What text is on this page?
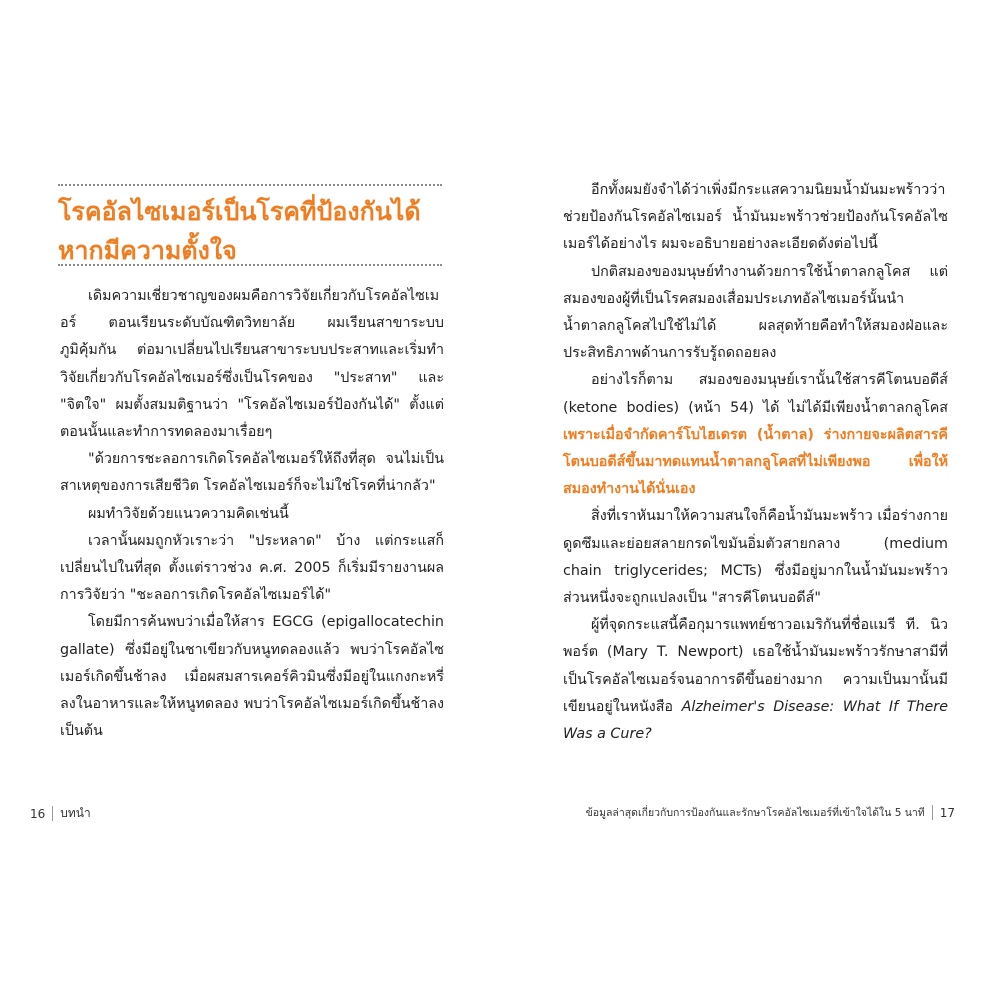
โรคอัลไซเมอร์เป็นโรคที่ป้องกันได้
หากมีความตั้งใจ

เดิมความเชี่ยวชาญของผมคือการวิจัยเกี่ยวกับโรคอัลไซเมอร์ ตอนเรียนระดับบัณฑิตวิทยาลัย ผมเรียนสาขาระบบภูมิคุ้มกัน ต่อมาเปลี่ยนไปเรียนสาขาระบบประสาทและเริ่มทำวิจัยเกี่ยวกับโรคอัลไซเมอร์ซึ่งเป็นโรคของ "ประสาท" และ "จิตใจ" ผมตั้งสมมติฐานว่า "โรคอัลไซเมอร์ป้องกันได้" ตั้งแต่ตอนนั้นและทำการทดลองมาเรื่อยๆ

"ด้วยการชะลอการเกิดโรคอัลไซเมอร์ให้ถึงที่สุด จนไม่เป็นสาเหตุของการเสียชีวิต โรคอัลไซเมอร์ก็จะไม่ใช่โรคที่น่ากลัว"

ผมทำวิจัยด้วยแนวความคิดเช่นนี้

เวลานั้นผมถูกหัวเราะว่า "ประหลาด" บ้าง แต่กระแสก็เปลี่ยนไปในที่สุด ตั้งแต่ราวช่วง ค.ศ. 2005 ก็เริ่มมีรายงานผลการวิจัยว่า "ชะลอการเกิดโรคอัลไซเมอร์ได้"

โดยมีการค้นพบว่าเมื่อให้สาร EGCG (epigallocatechin gallate) ซึ่งมีอยู่ในชาเขียวกับหนูทดลองแล้ว พบว่าโรคอัลไซเมอร์เกิดขึ้นช้าลง เมื่อผสมสารเคอร์คิวมินซึ่งมีอยู่ในแกงกะหรี่ลงในอาหารและให้หนูทดลอง พบว่าโรคอัลไซเมอร์เกิดขึ้นช้าลง เป็นต้น

16 บทนำ

อีกทั้งผมยังจำได้ว่าเพิ่งมีกระแสความนิยมน้ำมันมะพร้าวว่าช่วยป้องกันโรคอัลไซเมอร์ น้ำมันมะพร้าวช่วยป้องกันโรคอัลไซเมอร์ได้อย่างไร ผมจะอธิบายอย่างละเอียดดังต่อไปนี้

ปกติสมองของมนุษย์ทำงานด้วยการใช้น้ำตาลกลูโคส แต่สมองของผู้ที่เป็นโรคสมองเสื่อมประเภทอัลไซเมอร์นั้นนำน้ำตาลกลูโคสไปใช้ไม่ได้ ผลสุดท้ายคือทำให้สมองฝ่อและประสิทธิภาพด้านการรับรู้ถดถอยลง

อย่างไรก็ตาม สมองของมนุษย์เรานั้นใช้สารคีโตนบอดีส์ (ketone bodies) (หน้า 54) ได้ ไม่ได้มีเพียงน้ำตาลกลูโคส เพราะเมื่อจำกัดคาร์โบไฮเดรต (น้ำตาล) ร่างกายจะผลิตสารคีโตนบอดีส์ขึ้นมาทดแทนน้ำตาลกลูโคสที่ไม่เพียงพอ เพื่อให้สมองทำงานได้นั่นเอง

สิ่งที่เราหันมาให้ความสนใจก็คือน้ำมันมะพร้าว เมื่อร่างกายดูดซึมและย่อยสลายกรดไขมันอิ่มตัวสายกลาง (medium chain triglycerides; MCTs) ซึ่งมีอยู่มากในน้ำมันมะพร้าว ส่วนหนึ่งจะถูกแปลงเป็น "สารคีโตนบอดีส์"

ผู้ที่จุดกระแสนี้คือกุมารแพทย์ชาวอเมริกันที่ชื่อแมรี ที. นิวพอร์ต (Mary T. Newport) เธอใช้น้ำมันมะพร้าวรักษาสามีที่เป็นโรคอัลไซเมอร์จนอาการดีขึ้นอย่างมาก ความเป็นมานั้นมีเขียนอยู่ในหนังสือ Alzheimer's Disease: What If There Was a Cure?

ข้อมูลล่าสุดเกี่ยวกับการป้องกันและรักษาโรคอัลไซเมอร์ที่เข้าใจได้ใน 5 นาที 17
